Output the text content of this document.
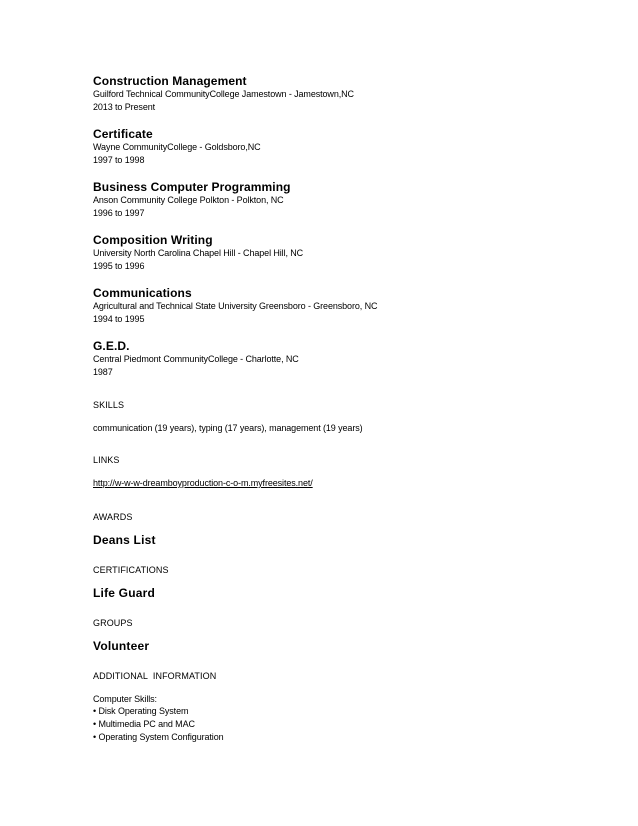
Construction Management
Guilford Technical CommunityCollege Jamestown - Jamestown,NC
2013 to Present
Certificate
Wayne CommunityCollege - Goldsboro,NC
1997 to 1998
Business Computer Programming
Anson Community College Polkton - Polkton, NC
1996 to 1997
Composition Writing
University North Carolina Chapel Hill - Chapel Hill, NC
1995 to 1996
Communications
Agricultural and Technical State University Greensboro - Greensboro, NC
1994 to 1995
G.E.D.
Central Piedmont CommunityCollege - Charlotte, NC
1987
SKILLS
communication (19 years), typing (17 years), management (19 years)
LINKS
http://w-w-w-dreamboyproduction-c-o-m.myfreesites.net/
AWARDS
Deans List
CERTIFICATIONS
Life Guard
GROUPS
Volunteer
ADDITIONAL  INFORMATION
Computer Skills:
• Disk Operating System
• Multimedia PC and MAC
• Operating System Configuration
